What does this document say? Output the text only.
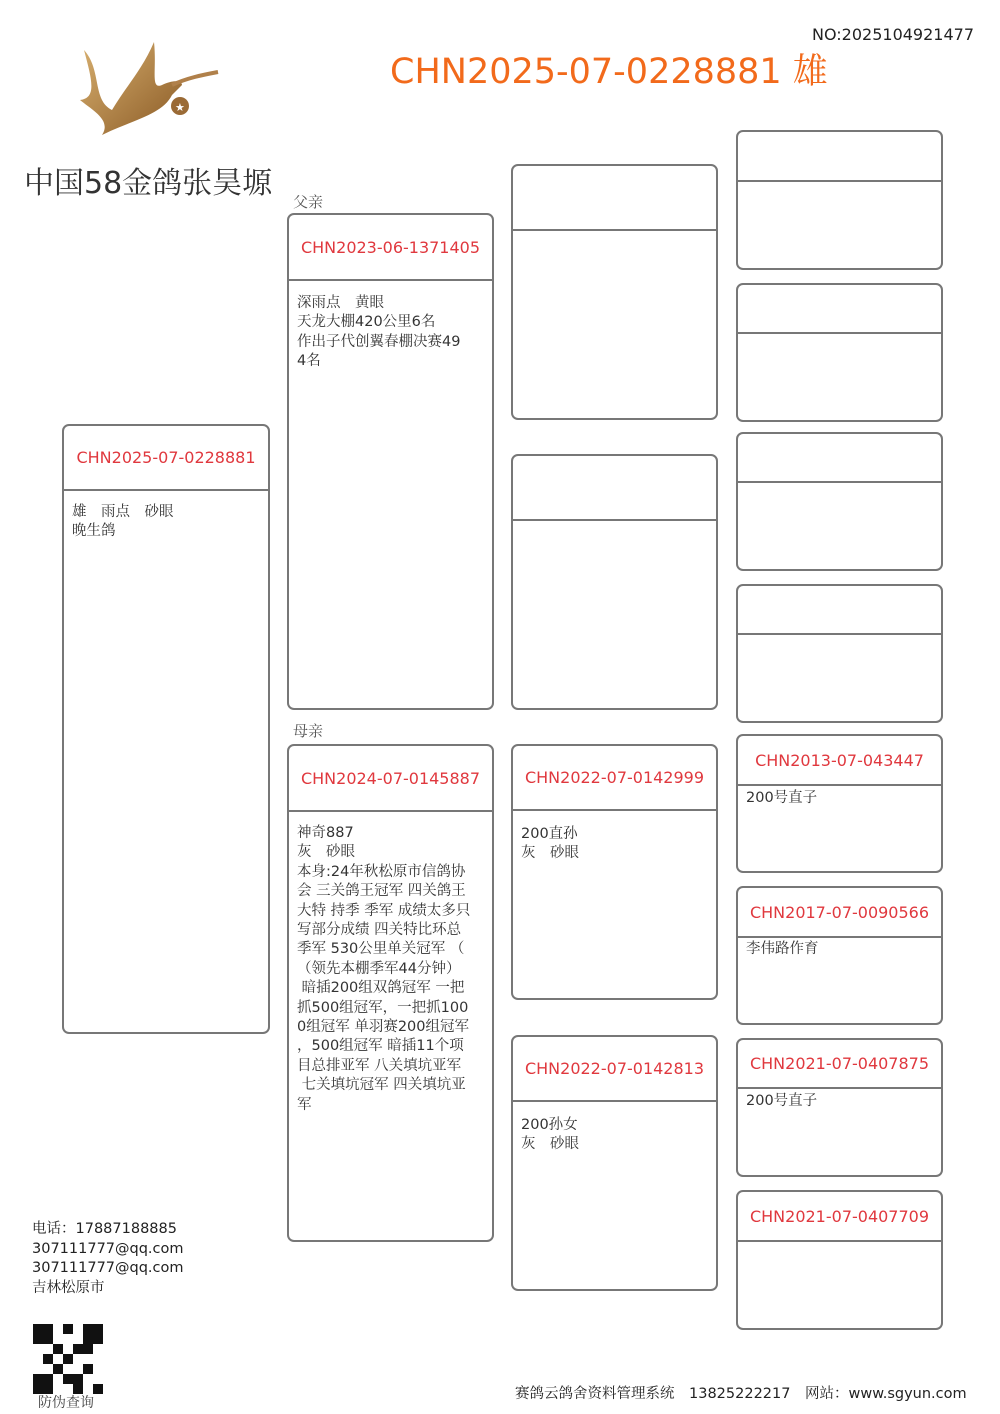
NO:2025104921477
CHN2025-07-0228881 雄
★
中国58金鸽张昊塬
父亲
母亲
CHN2025-07-0228881
雄　雨点　砂眼
晚生鸽
CHN2023-06-1371405
深雨点　黄眼
天龙大棚420公里6名
作出子代创翼春棚决赛49
4名
CHN2024-07-0145887
神奇887
灰　砂眼
本身:24年秋松原市信鸽协
会 三关鸽王冠军 四关鸽王
大特 持季 季军 成绩太多只
写部分成绩 四关特比环总
季军 530公里单关冠军 （
（领先本棚季军44分钟）
暗插200组双鸽冠军 一把
抓500组冠军，一把抓100
0组冠军 单羽赛200组冠军
，500组冠军 暗插11个项
目总排亚军 八关填坑亚军
七关填坑冠军 四关填坑亚
军
CHN2022-07-0142999
200直孙
灰　砂眼
CHN2022-07-0142813
200孙女
灰　砂眼
CHN2013-07-043447
200号直子
CHN2017-07-0090566
李伟路作育
CHN2021-07-0407875
200号直子
CHN2021-07-0407709
电话：17887188885
307111777@qq.com
307111777@qq.com
吉林松原市
防伪查询
赛鸽云鸽舍资料管理系统　13825222217　网站：www.sgyun.com
